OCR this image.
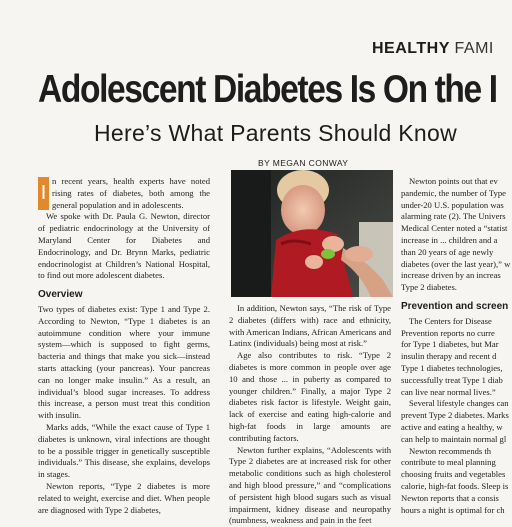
HEALTHY FAMI
Adolescent Diabetes Is On the I
Here’s What Parents Should Know
BY MEGAN CONWAY

I
n recent years, health experts have noted rising rates of diabetes, both among the general population and in adolescents.

We spoke with Dr. Paula G. Newton, director of pediatric endocrinology at the University of Maryland Center for Diabetes and Endocrinology, and Dr. Brynn Marks, pediatric endocrinologist at Children’s National Hospital, to find out more adolescent diabetes.

Overview

Two types of diabetes exist: Type 1 and Type 2. According to Newton, “Type 1 diabetes is an autoimmune condition where your immune system—which is supposed to fight germs, bacteria and things that make you sick—instead starts attacking (your pancreas). Your pancreas can no longer make insulin.” As a result, an individual’s blood sugar increases. To address this increase, a person must treat this condition with insulin.

Marks adds, “While the exact cause of Type 1 diabetes is unknown, viral infections are thought to be a possible trigger in genetically susceptible individuals.” This disease, she explains, develops in stages.

Newton reports, “Type 2 diabetes is more related to weight, exercise and diet. When people are diagnosed with Type 2 diabetes,

In addition, Newton says, “The risk of Type 2 diabetes (differs with) race and ethnicity, with American Indians, African Americans and Latinx (individuals) being most at risk.”

Age also contributes to risk. “Type 2 diabetes is more common in people over age 10 and those ... in puberty as compared to younger children.” Finally, a major Type 2 diabetes risk factor is lifestyle. Weight gain, lack of exercise and eating high-calorie and high-fat foods in large amounts are contributing factors.

Newton further explains, “Adolescents with Type 2 diabetes are at increased risk for other metabolic conditions such as high cholesterol and high blood pressure,” and “complications of persistent high blood sugars such as visual impairment, kidney disease and neuropathy (numbness, weakness and pain in the feet

Newton points out that ev
pandemic, the number of Type
under-20 U.S. population was
alarming rate (2). The Univers
Medical Center noted a “statist
increase in ... children and a
than 20 years of age newly
diabetes (over the last year),” w
increase driven by an increas
Type 2 diabetes.

Prevention and screen

The Centers for Disease
Prevention reports no curre
for Type 1 diabetes, but Mar
insulin therapy and recent d
Type 1 diabetes technologies,
successfully treat Type 1 diab
can live near normal lives.”

Several lifestyle changes can
prevent Type 2 diabetes. Marks
active and eating a healthy, w
can help to maintain normal gl

Newton recommends th
contribute to meal planning
choosing fruits and vegetables
calorie, high-fat foods. Sleep is
Newton reports that a consis
hours a night is optimal for ch
